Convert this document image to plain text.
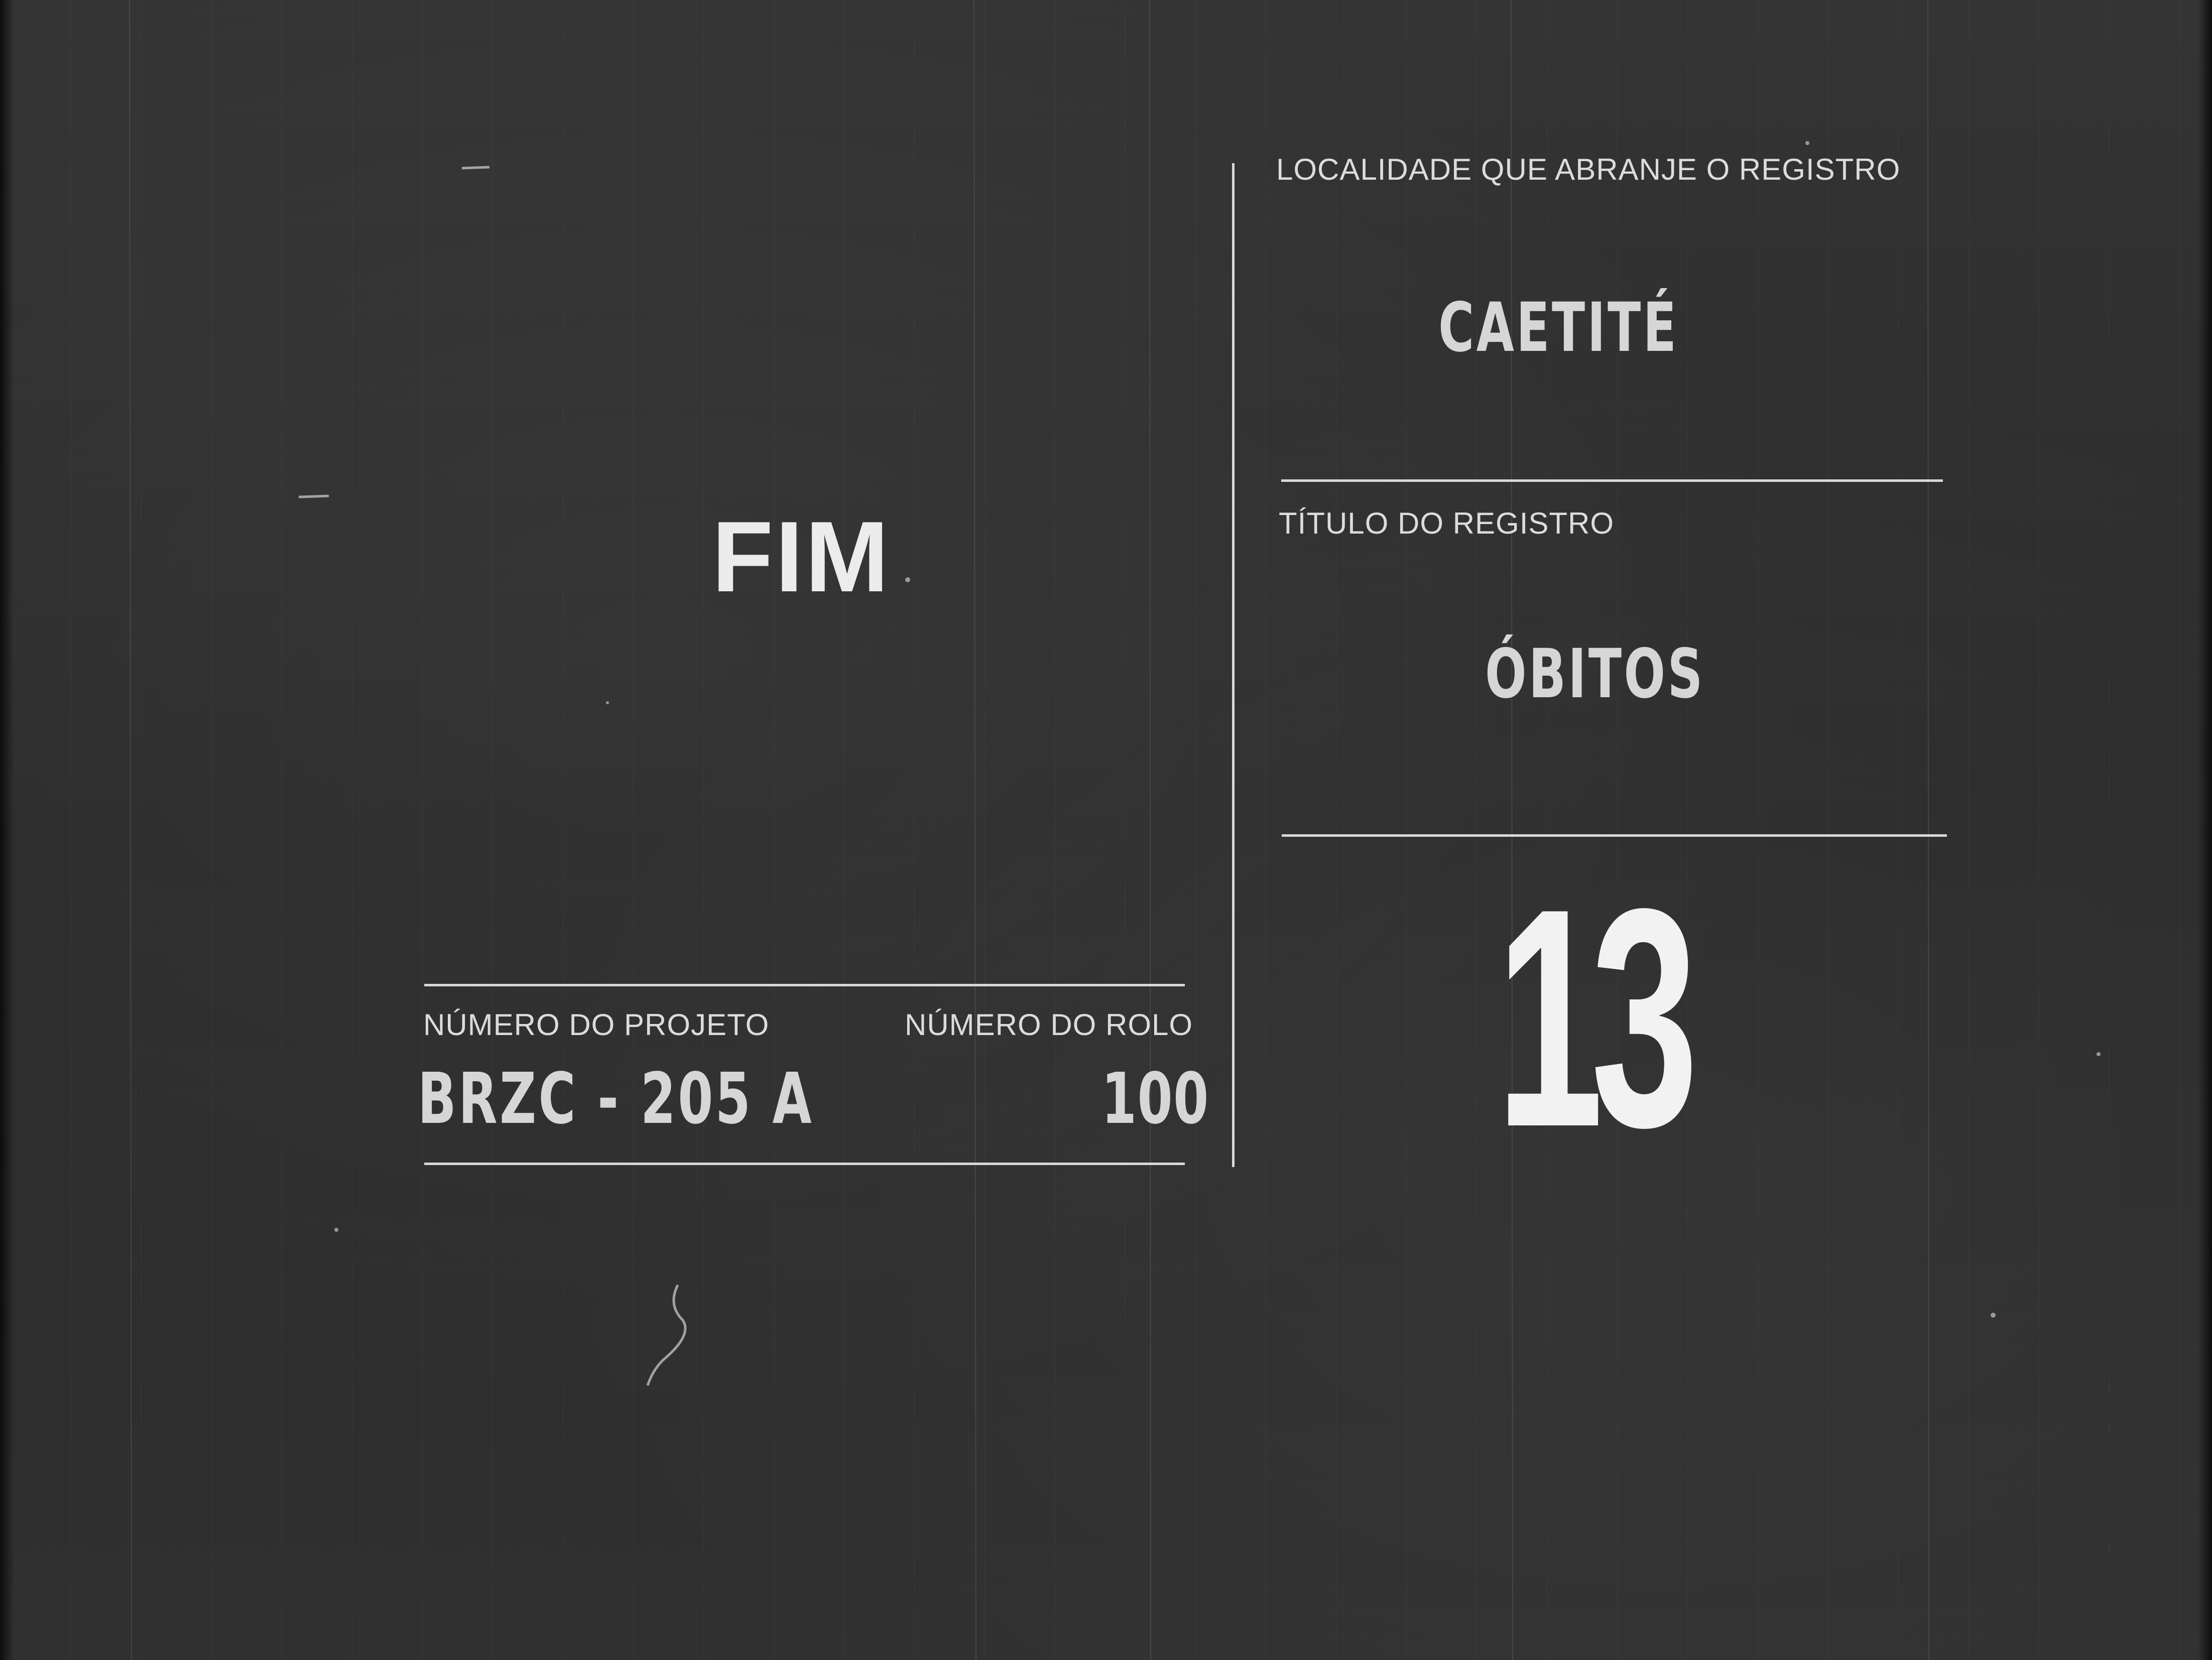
FIM
NÚMERO DO PROJETO	NÚMERO DO ROLO
BRZC - 205 A	100
LOCALIDADE QUE ABRANJE O REGISTRO
CAETITÉ
TÍTULO DO REGISTRO
ÓBITOS
13
